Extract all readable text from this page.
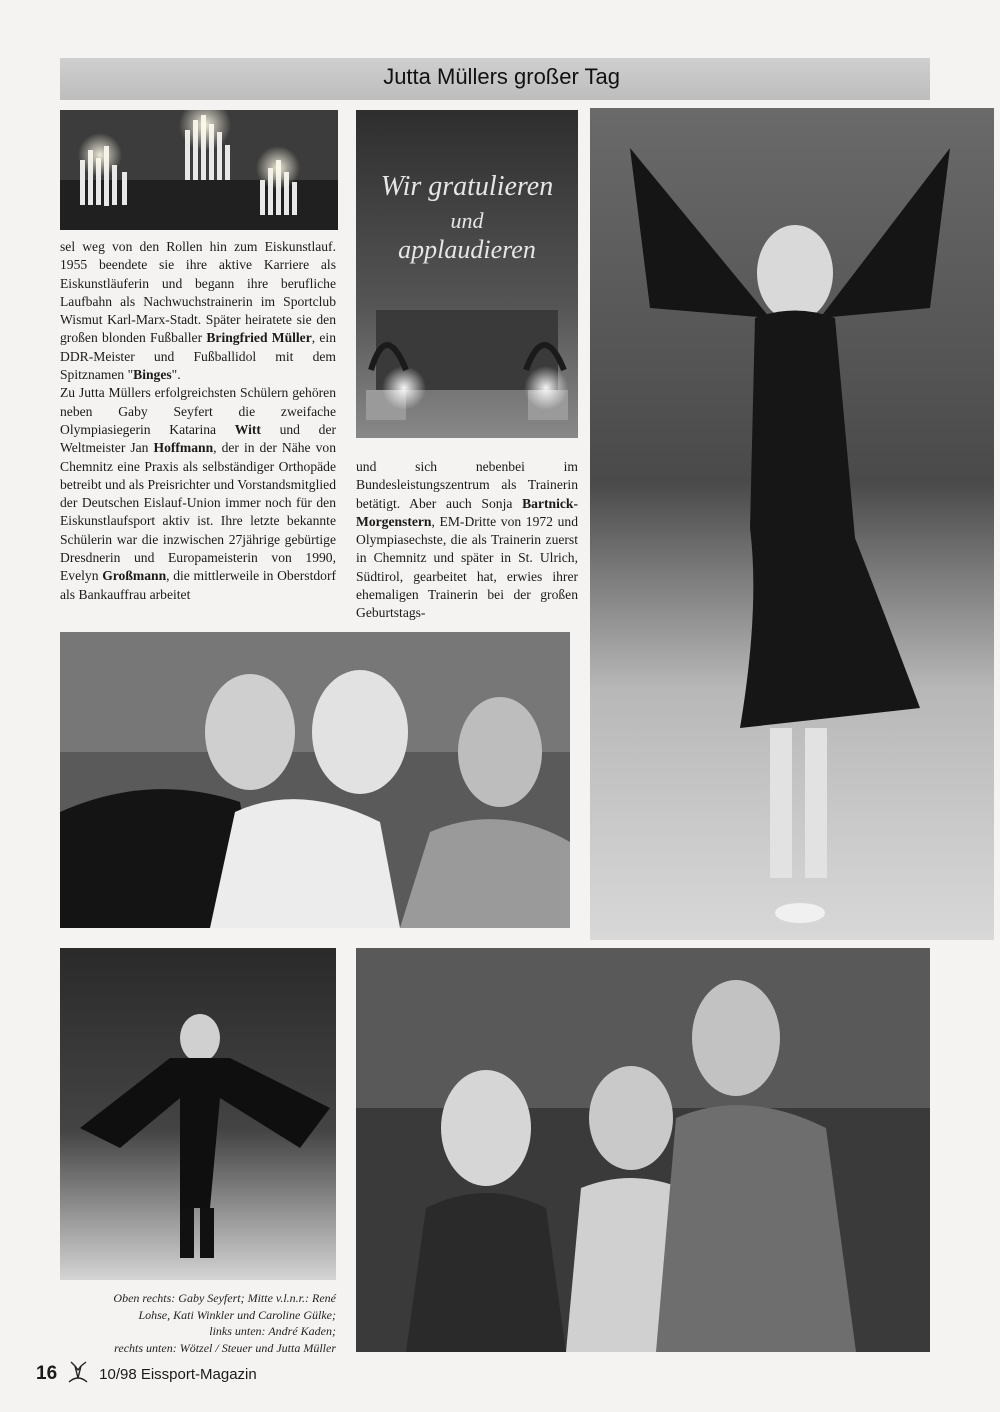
Jutta Müllers großer Tag
Wir gratulieren
und
applaudieren

sel weg von den Rollen hin zum Eiskunstlauf. 1955 beendete sie ihre aktive Karriere als Eiskunstläuferin und begann ihre berufliche Laufbahn als Nachwuchstrainerin im Sportclub Wismut Karl-Marx-Stadt. Später heiratete sie den großen blonden Fußballer Bringfried Müller, ein DDR-Meister und Fußballidol mit dem Spitznamen "Binges".

Zu Jutta Müllers erfolgreichsten Schülern gehören neben Gaby Seyfert die zweifache Olympiasiegerin Katarina Witt und der Weltmeister Jan Hoffmann, der in der Nähe von Chemnitz eine Praxis als selbständiger Orthopäde betreibt und als Preisrichter und Vorstandsmitglied der Deutschen Eislauf-Union immer noch für den Eiskunstlaufsport aktiv ist. Ihre letzte bekannte Schülerin war die inzwischen 27jährige gebürtige Dresdnerin und Europameisterin von 1990, Evelyn Großmann, die mittlerweile in Oberstdorf als Bankauffrau arbeitet

und sich nebenbei im Bundesleistungszentrum als Trainerin betätigt. Aber auch Sonja Bartnick-Morgenstern, EM-Dritte von 1972 und Olympiasechste, die als Trainerin zuerst in Chemnitz und später in St. Ulrich, Südtirol, gearbeitet hat, erwies ihrer ehemaligen Trainerin bei der großen Geburtstags-

Oben rechts: Gaby Seyfert; Mitte v.l.n.r.: René
Lohse, Kati Winkler und Caroline Gülke;
links unten: André Kaden;
rechts unten: Wötzel / Steuer und Jutta Müller
16	10/98 Eissport-Magazin
